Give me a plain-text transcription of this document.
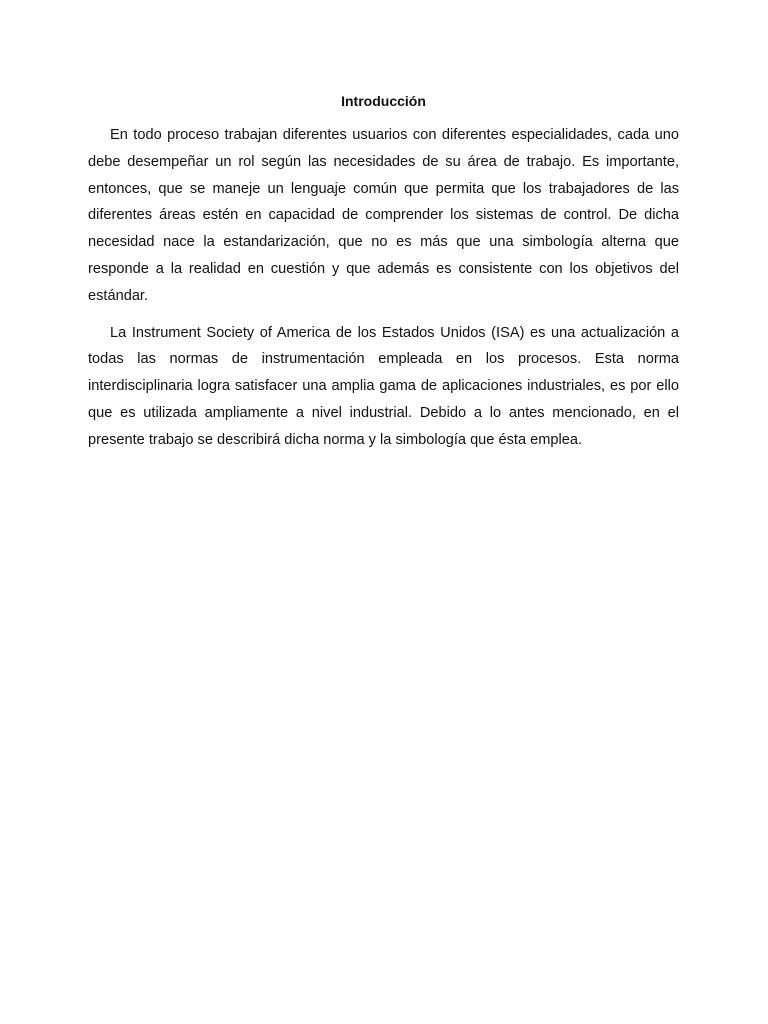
Introducción

En todo proceso trabajan diferentes usuarios con diferentes especialidades, cada uno debe desempeñar un rol según las necesidades de su área de trabajo. Es importante, entonces, que se maneje un lenguaje común que permita que los trabajadores de las diferentes áreas estén en capacidad de comprender los sistemas de control. De dicha necesidad nace la estandarización, que no es más que una simbología alterna que responde a la realidad en cuestión y que además es consistente con los objetivos del estándar.

La Instrument Society of America de los Estados Unidos (ISA) es una actualización a todas las normas de instrumentación empleada en los procesos. Esta norma interdisciplinaria logra satisfacer una amplia gama de aplicaciones industriales, es por ello que es utilizada ampliamente a nivel industrial. Debido a lo antes mencionado, en el presente trabajo se describirá dicha norma y la simbología que ésta emplea.
